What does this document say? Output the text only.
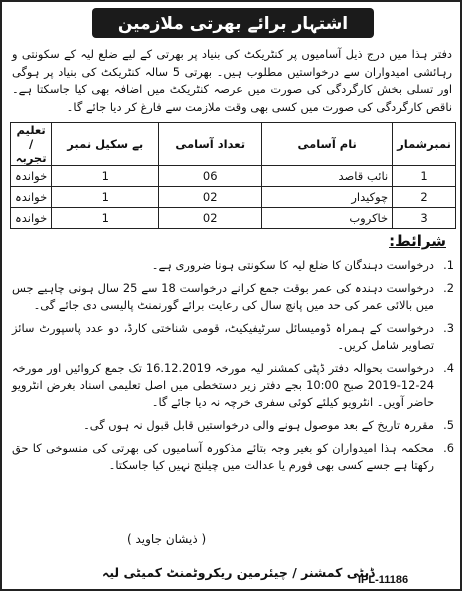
اشتہار برائے بھرتی ملازمین
دفتر ہذا میں درج ذیل آسامیوں پر کنٹریکٹ کی بنیاد پر بھرتی کے لیے ضلع لیہ کے سکونتی و رہائشی امیدواران سے درخواستیں مطلوب ہیں۔ بھرتی 5 سالہ کنٹریکٹ کی بنیاد پر ہوگی اور تسلی بخش کارگردگی کی صورت میں عرصہ کنٹریکٹ میں اضافہ بھی کیا جاسکتا ہے۔ ناقص کارگردگی کی صورت میں کسی بھی وقت ملازمت سے فارغ کر دیا جائے گا۔
نمبرشمار	نام آسامی	تعداد آسامی	بے سکیل نمبر	تعلیم / تجربہ
1	نائب قاصد	06	1	خواندہ
2	چوکیدار	02	1	خواندہ
3	خاکروب	02	1	خواندہ
شرائط:
1.
درخواست دہندگان کا ضلع لیہ کا سکونتی ہونا ضروری ہے۔
2.
درخواست دہندہ کی عمر بوقت جمع کرانے درخواست 18 سے 25 سال ہونی چاہیے جس میں بالائی عمر کی حد میں پانچ سال کی رعایت برائے گورنمنٹ پالیسی دی جائے گی۔
3.
درخواست کے ہمراہ ڈومیسائل سرٹیفیکیٹ، قومی شناختی کارڈ، دو عدد پاسپورٹ سائز تصاویر شامل کریں۔
4.
درخواست بحوالہ دفتر ڈپٹی کمشنر لیہ مورخہ 16.12.2019 تک جمع کروائیں اور مورخہ 24-12-2019 صبح 10:00 بجے دفتر زیر دستخطی میں اصل تعلیمی اسناد بغرض انٹرویو حاضر آویں۔ انٹرویو کیلئے کوئی سفری خرچہ نہ دیا جائے گا۔
5.
مقررہ تاریخ کے بعد موصول ہونے والی درخواستیں قابل قبول نہ ہوں گی۔
6.
محکمہ ہذا امیدواران کو بغیر وجہ بتائے مذکورہ آسامیوں کی بھرتی کی منسوخی کا حق رکھتا ہے جسے کسی بھی فورم یا عدالت میں چیلنج نہیں کیا جاسکتا۔
( ذیشان جاوید )
ڈپٹی کمشنر / چیئرمین ریکروٹمنٹ کمیٹی لیہ
IPL-11186
